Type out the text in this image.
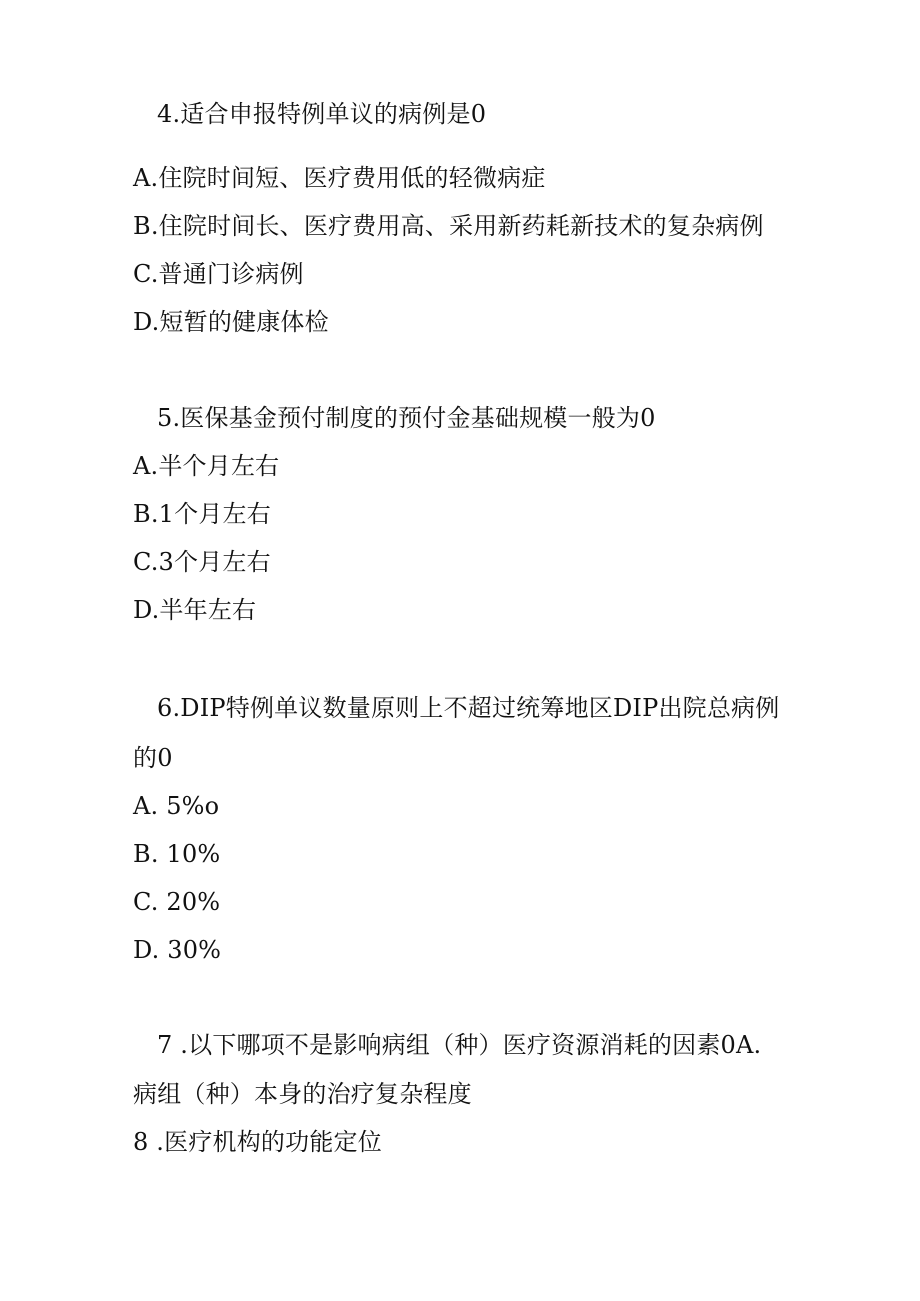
4.适合申报特例单议的病例是0
A.住院时间短、医疗费用低的轻微病症
B.住院时间长、医疗费用高、采用新药耗新技术的复杂病例
C.普通门诊病例
D.短暂的健康体检
5.医保基金预付制度的预付金基础规模一般为0
A.半个月左右
B.1个月左右
C.3个月左右
D.半年左右
6.DIP特例单议数量原则上不超过统筹地区DIP出院总病例
的0
A. 5%o
B. 10%
C. 20%
D. 30%
7 .以下哪项不是影响病组（种）医疗资源消耗的因素0A.
病组（种）本身的治疗复杂程度
8 .医疗机构的功能定位
